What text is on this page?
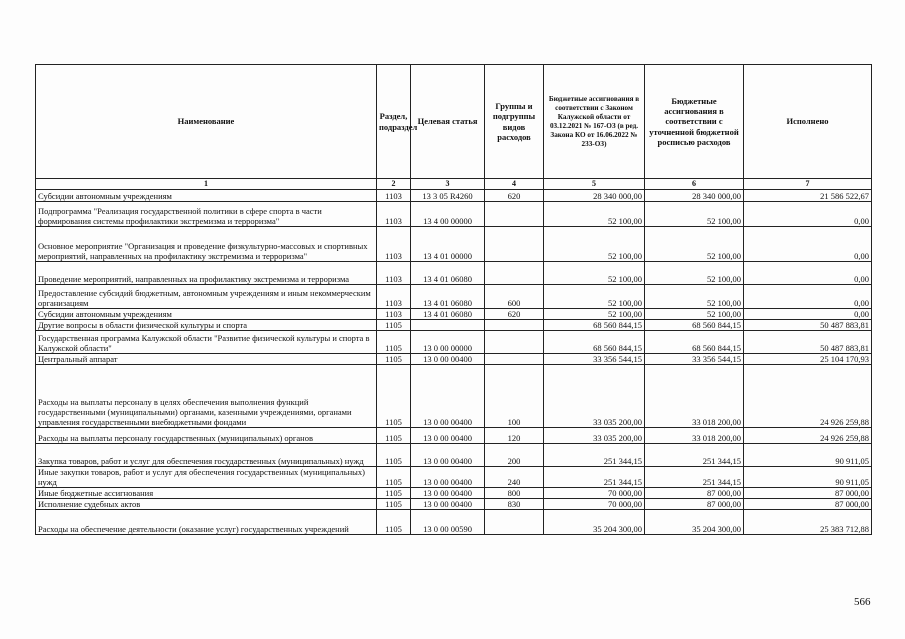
Наименование	Раздел, подраздел	Целевая статья	Группы и подгруппы видов расходов	Бюджетные ассигнования в соответствии с Законом Калужской области от 03.12.2021 № 167-ОЗ (в ред. Закона КО от 16.06.2022 № 233-ОЗ)	Бюджетные ассигнования в соответствии с уточненной бюджетной росписью расходов	Исполнено
1	2	3	4	5	6	7
Субсидии автономным учреждениям	1103	13 3 05 R4260	620	28 340 000,00	28 340 000,00	21 586 522,67
Подпрограмма "Реализация государственной политики в сфере спорта в части формирования системы профилактики экстремизма и терроризма"	1103	13 4 00 00000		52 100,00	52 100,00	0,00
Основное мероприятие "Организация и проведение физкультурно-массовых и спортивных мероприятий, направленных на профилактику экстремизма и терроризма"	1103	13 4 01 00000		52 100,00	52 100,00	0,00
Проведение мероприятий, направленных на профилактику экстремизма и терроризма	1103	13 4 01 06080		52 100,00	52 100,00	0,00
Предоставление субсидий бюджетным, автономным учреждениям и иным некоммерческим организациям	1103	13 4 01 06080	600	52 100,00	52 100,00	0,00
Субсидии автономным учреждениям	1103	13 4 01 06080	620	52 100,00	52 100,00	0,00
Другие вопросы в области физической культуры и спорта	1105			68 560 844,15	68 560 844,15	50 487 883,81
Государственная программа Калужской области "Развитие физической культуры и спорта в Калужской области"	1105	13 0 00 00000		68 560 844,15	68 560 844,15	50 487 883,81
Центральный аппарат	1105	13 0 00 00400		33 356 544,15	33 356 544,15	25 104 170,93
Расходы на выплаты персоналу в целях обеспечения выполнения функций государственными (муниципальными) органами, казенными учреждениями, органами управления государственными внебюджетными фондами	1105	13 0 00 00400	100	33 035 200,00	33 018 200,00	24 926 259,88
Расходы на выплаты персоналу государственных (муниципальных) органов	1105	13 0 00 00400	120	33 035 200,00	33 018 200,00	24 926 259,88
Закупка товаров, работ и услуг для обеспечения государственных (муниципальных) нужд	1105	13 0 00 00400	200	251 344,15	251 344,15	90 911,05
Иные закупки товаров, работ и услуг для обеспечения государственных (муниципальных) нужд	1105	13 0 00 00400	240	251 344,15	251 344,15	90 911,05
Иные бюджетные ассигнования	1105	13 0 00 00400	800	70 000,00	87 000,00	87 000,00
Исполнение судебных актов	1105	13 0 00 00400	830	70 000,00	87 000,00	87 000,00
Расходы на обеспечение деятельности (оказание услуг) государственных учреждений	1105	13 0 00 00590		35 204 300,00	35 204 300,00	25 383 712,88
566
